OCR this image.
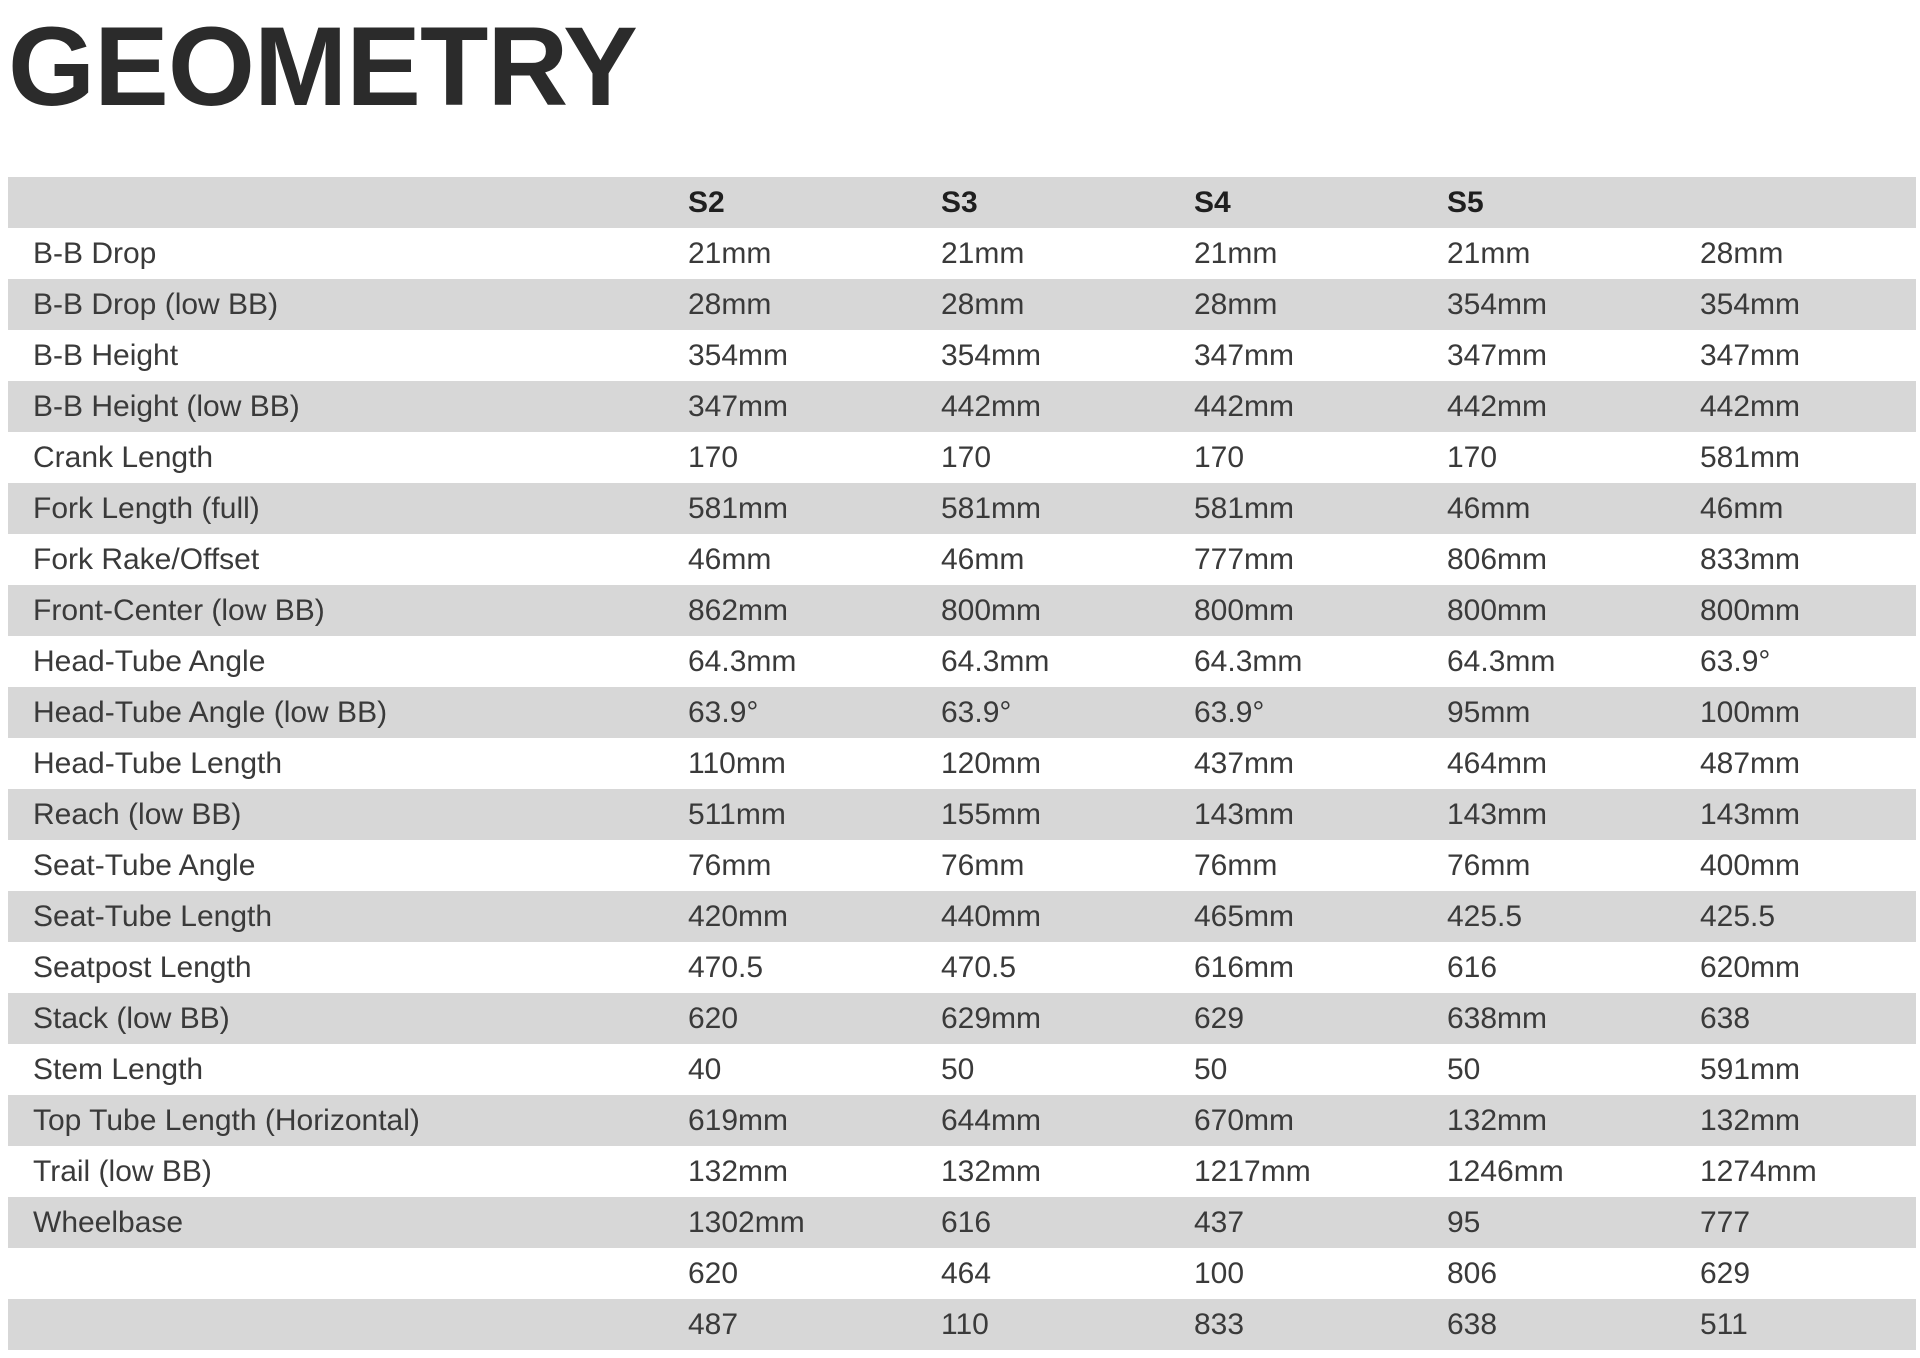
GEOMETRY
	S2	S3	S4	S5	
B-B Drop	21mm	21mm	21mm	21mm	28mm
B-B Drop (low BB)	28mm	28mm	28mm	354mm	354mm
B-B Height	354mm	354mm	347mm	347mm	347mm
B-B Height (low BB)	347mm	442mm	442mm	442mm	442mm
Crank Length	170	170	170	170	581mm
Fork Length (full)	581mm	581mm	581mm	46mm	46mm
Fork Rake/Offset	46mm	46mm	777mm	806mm	833mm
Front-Center (low BB)	862mm	800mm	800mm	800mm	800mm
Head-Tube Angle	64.3mm	64.3mm	64.3mm	64.3mm	63.9°
Head-Tube Angle (low BB)	63.9°	63.9°	63.9°	95mm	100mm
Head-Tube Length	110mm	120mm	437mm	464mm	487mm
Reach (low BB)	511mm	155mm	143mm	143mm	143mm
Seat-Tube Angle	76mm	76mm	76mm	76mm	400mm
Seat-Tube Length	420mm	440mm	465mm	425.5	425.5
Seatpost Length	470.5	470.5	616mm	616	620mm
Stack (low BB)	620	629mm	629	638mm	638
Stem Length	40	50	50	50	591mm
Top Tube Length (Horizontal)	619mm	644mm	670mm	132mm	132mm
Trail (low BB)	132mm	132mm	1217mm	1246mm	1274mm
Wheelbase	1302mm	616	437	95	777
	620	464	100	806	629
	487	110	833	638	511
